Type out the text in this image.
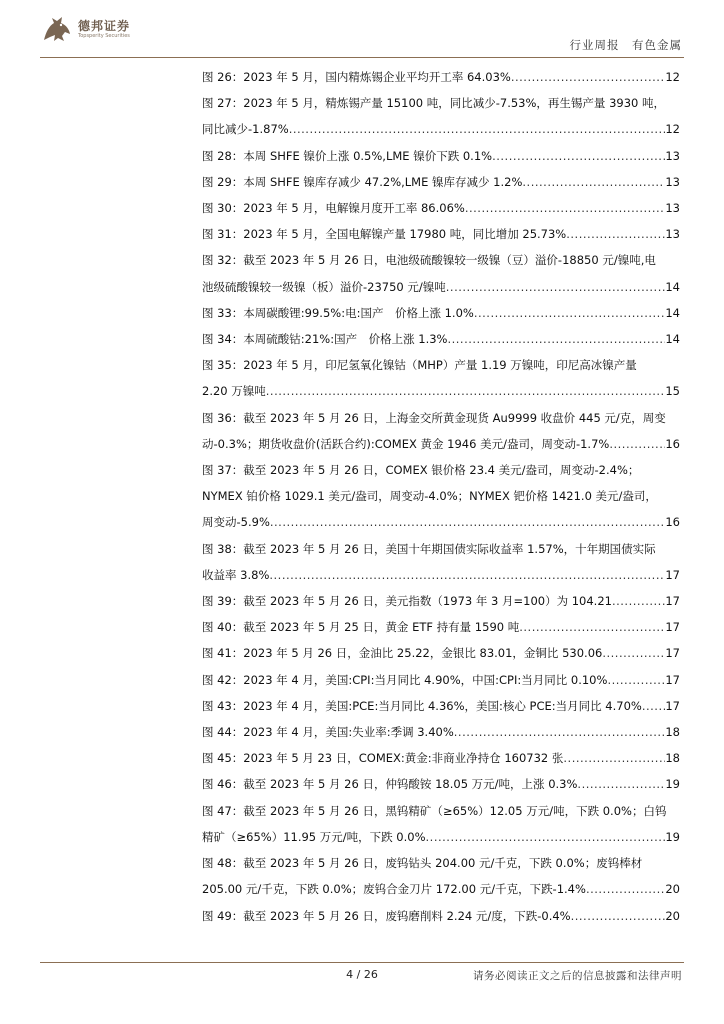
德邦证券
Topsperity Securities
行业周报　有色金属
图 26：2023 年 5 月，国内精炼锡企业平均开工率 64.03% .....	12
图 27：2023 年 5 月，精炼锡产量 15100 吨，同比减少-7.53%，再生锡产量 3930 吨，
同比减少-1.87% .....	12
图 28：本周 SHFE 镍价上涨 0.5%,LME 镍价下跌 0.1% .....	13
图 29：本周 SHFE 镍库存减少 47.2%,LME 镍库存减少 1.2% .....	13
图 30：2023 年 5 月，电解镍月度开工率 86.06% .....	13
图 31：2023 年 5 月，全国电解镍产量 17980 吨，同比增加 25.73% .....	13
图 32：截至 2023 年 5 月 26 日，电池级硫酸镍较一级镍（豆）溢价-18850 元/镍吨,电
池级硫酸镍较一级镍（板）溢价-23750 元/镍吨 .....	14
图 33：本周碳酸锂:99.5%:电:国产　价格上涨 1.0% .....	14
图 34：本周硫酸钴:21%:国产　价格上涨 1.3% .....	14
图 35：2023 年 5 月，印尼氢氧化镍钴（MHP）产量 1.19 万镍吨，印尼高冰镍产量
2.20 万镍吨 .....	15
图 36：截至 2023 年 5 月 26 日，上海金交所黄金现货 Au9999 收盘价 445 元/克，周变
动-0.3%；期货收盘价(活跃合约):COMEX 黄金 1946 美元/盎司，周变动-1.7% .....	16
图 37：截至 2023 年 5 月 26 日，COMEX 银价格 23.4 美元/盎司，周变动-2.4%；
NYMEX 铂价格 1029.1 美元/盎司，周变动-4.0%；NYMEX 钯价格 1421.0 美元/盎司，
周变动-5.9% .....	16
图 38：截至 2023 年 5 月 26 日，美国十年期国债实际收益率 1.57%，十年期国债实际
收益率 3.8% .....	17
图 39：截至 2023 年 5 月 26 日，美元指数（1973 年 3 月=100）为 104.21 .....	17
图 40：截至 2023 年 5 月 25 日，黄金 ETF 持有量 1590 吨 .....	17
图 41：2023 年 5 月 26 日，金油比 25.22，金银比 83.01，金铜比 530.06 .....	17
图 42：2023 年 4 月，美国:CPI:当月同比 4.90%，中国:CPI:当月同比 0.10% .....	17
图 43：2023 年 4 月，美国:PCE:当月同比 4.36%，美国:核心 PCE:当月同比 4.70% ..... 17
图 44：2023 年 4 月，美国:失业率:季调 3.40% .....	18
图 45：2023 年 5 月 23 日，COMEX:黄金:非商业净持仓 160732 张 .....	18
图 46：截至 2023 年 5 月 26 日，仲钨酸铵 18.05 万元/吨，上涨 0.3% .....	19
图 47：截至 2023 年 5 月 26 日，黑钨精矿（≥65%）12.05 万元/吨，下跌 0.0%；白钨
精矿（≥65%）11.95 万元/吨，下跌 0.0% .....	19
图 48：截至 2023 年 5 月 26 日，废钨钻头 204.00 元/千克，下跌 0.0%；废钨棒材
205.00 元/千克，下跌 0.0%；废钨合金刀片 172.00 元/千克，下跌-1.4% .....	20
图 49：截至 2023 年 5 月 26 日，废钨磨削料 2.24 元/度，下跌-0.4% .....	20
4 / 26	请务必阅读正文之后的信息披露和法律声明
